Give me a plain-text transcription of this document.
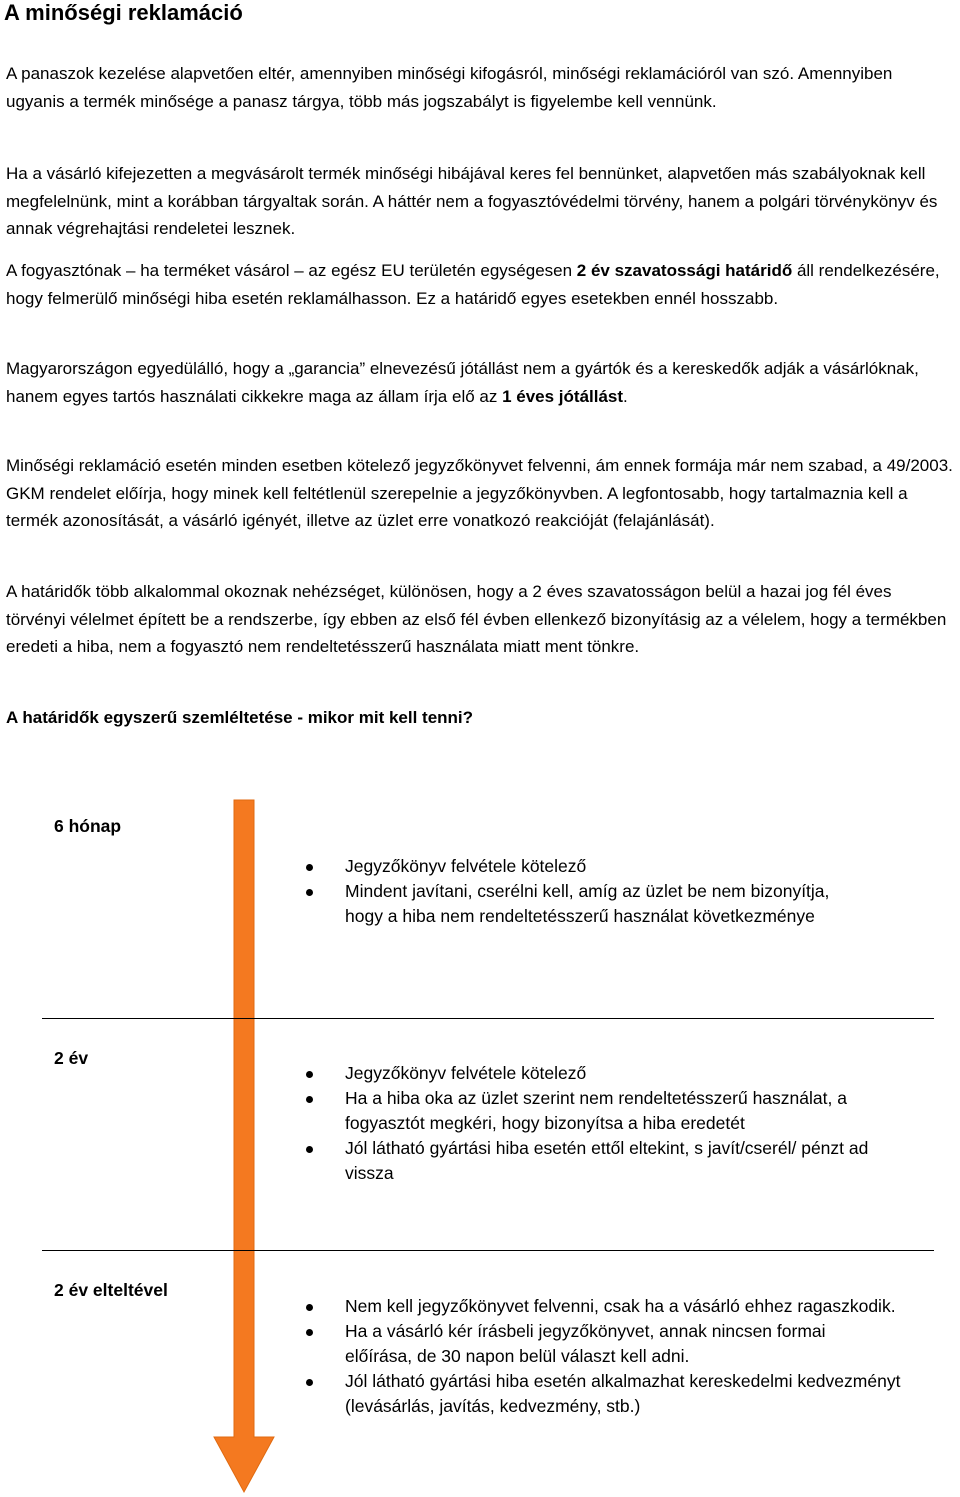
A minőségi reklamáció

A panaszok kezelése alapvetően eltér, amennyiben minőségi kifogásról, minőségi reklamációról van szó. Amennyiben ugyanis a termék minősége a panasz tárgya, több más jogszabályt is figyelembe kell vennünk.

Ha a vásárló kifejezetten a megvásárolt termék minőségi hibájával keres fel bennünket, alapvetően más szabályoknak kell megfelelnünk, mint a korábban tárgyaltak során. A háttér nem a fogyasztóvédelmi törvény, hanem a polgári törvénykönyv és annak végrehajtási rendeletei lesznek.

A fogyasztónak – ha terméket vásárol – az egész EU területén egységesen 2 év szavatossági határidő áll rendelkezésére, hogy felmerülő minőségi hiba esetén reklamálhasson. Ez a határidő egyes esetekben ennél hosszabb.

Magyarországon egyedülálló, hogy a „garancia” elnevezésű jótállást nem a gyártók és a kereskedők adják a vásárlóknak, hanem egyes tartós használati cikkekre maga az állam írja elő az 1 éves jótállást.

Minőségi reklamáció esetén minden esetben kötelező jegyzőkönyvet felvenni, ám ennek formája már nem szabad, a 49/2003. GKM rendelet előírja, hogy minek kell feltétlenül szerepelnie a jegyzőkönyvben. A legfontosabb, hogy tartalmaznia kell a termék azonosítását, a vásárló igényét, illetve az üzlet erre vonatkozó reakcióját (felajánlását).

A határidők több alkalommal okoznak nehézséget, különösen, hogy a 2 éves szavatosságon belül a hazai jog fél éves törvényi vélelmet épített be a rendszerbe, így ebben az első fél évben ellenkező bizonyításig az a vélelem, hogy a termékben eredeti a hiba, nem a fogyasztó nem rendeltetésszerű használata miatt ment tönkre.

A határidők egyszerű szemléltetése - mikor mit kell tenni?
6 hónap
Jegyzőkönyv felvétele kötelező
Mindent javítani, cserélni kell, amíg az üzlet be nem bizonyítja, hogy a hiba nem rendeltetésszerű használat következménye
2 év
Jegyzőkönyv felvétele kötelező
Ha a hiba oka az üzlet szerint nem rendeltetésszerű használat, a fogyasztót megkéri, hogy bizonyítsa a hiba eredetét
Jól látható gyártási hiba esetén ettől eltekint, s javít/cserél/ pénzt ad vissza
2 év elteltével
Nem kell jegyzőkönyvet felvenni, csak ha a vásárló ehhez ragaszkodik.
Ha a vásárló kér írásbeli jegyzőkönyvet, annak nincsen formai előírása, de 30 napon belül választ kell adni.
Jól látható gyártási hiba esetén alkalmazhat kereskedelmi kedvezményt (levásárlás, javítás, kedvezmény, stb.)
